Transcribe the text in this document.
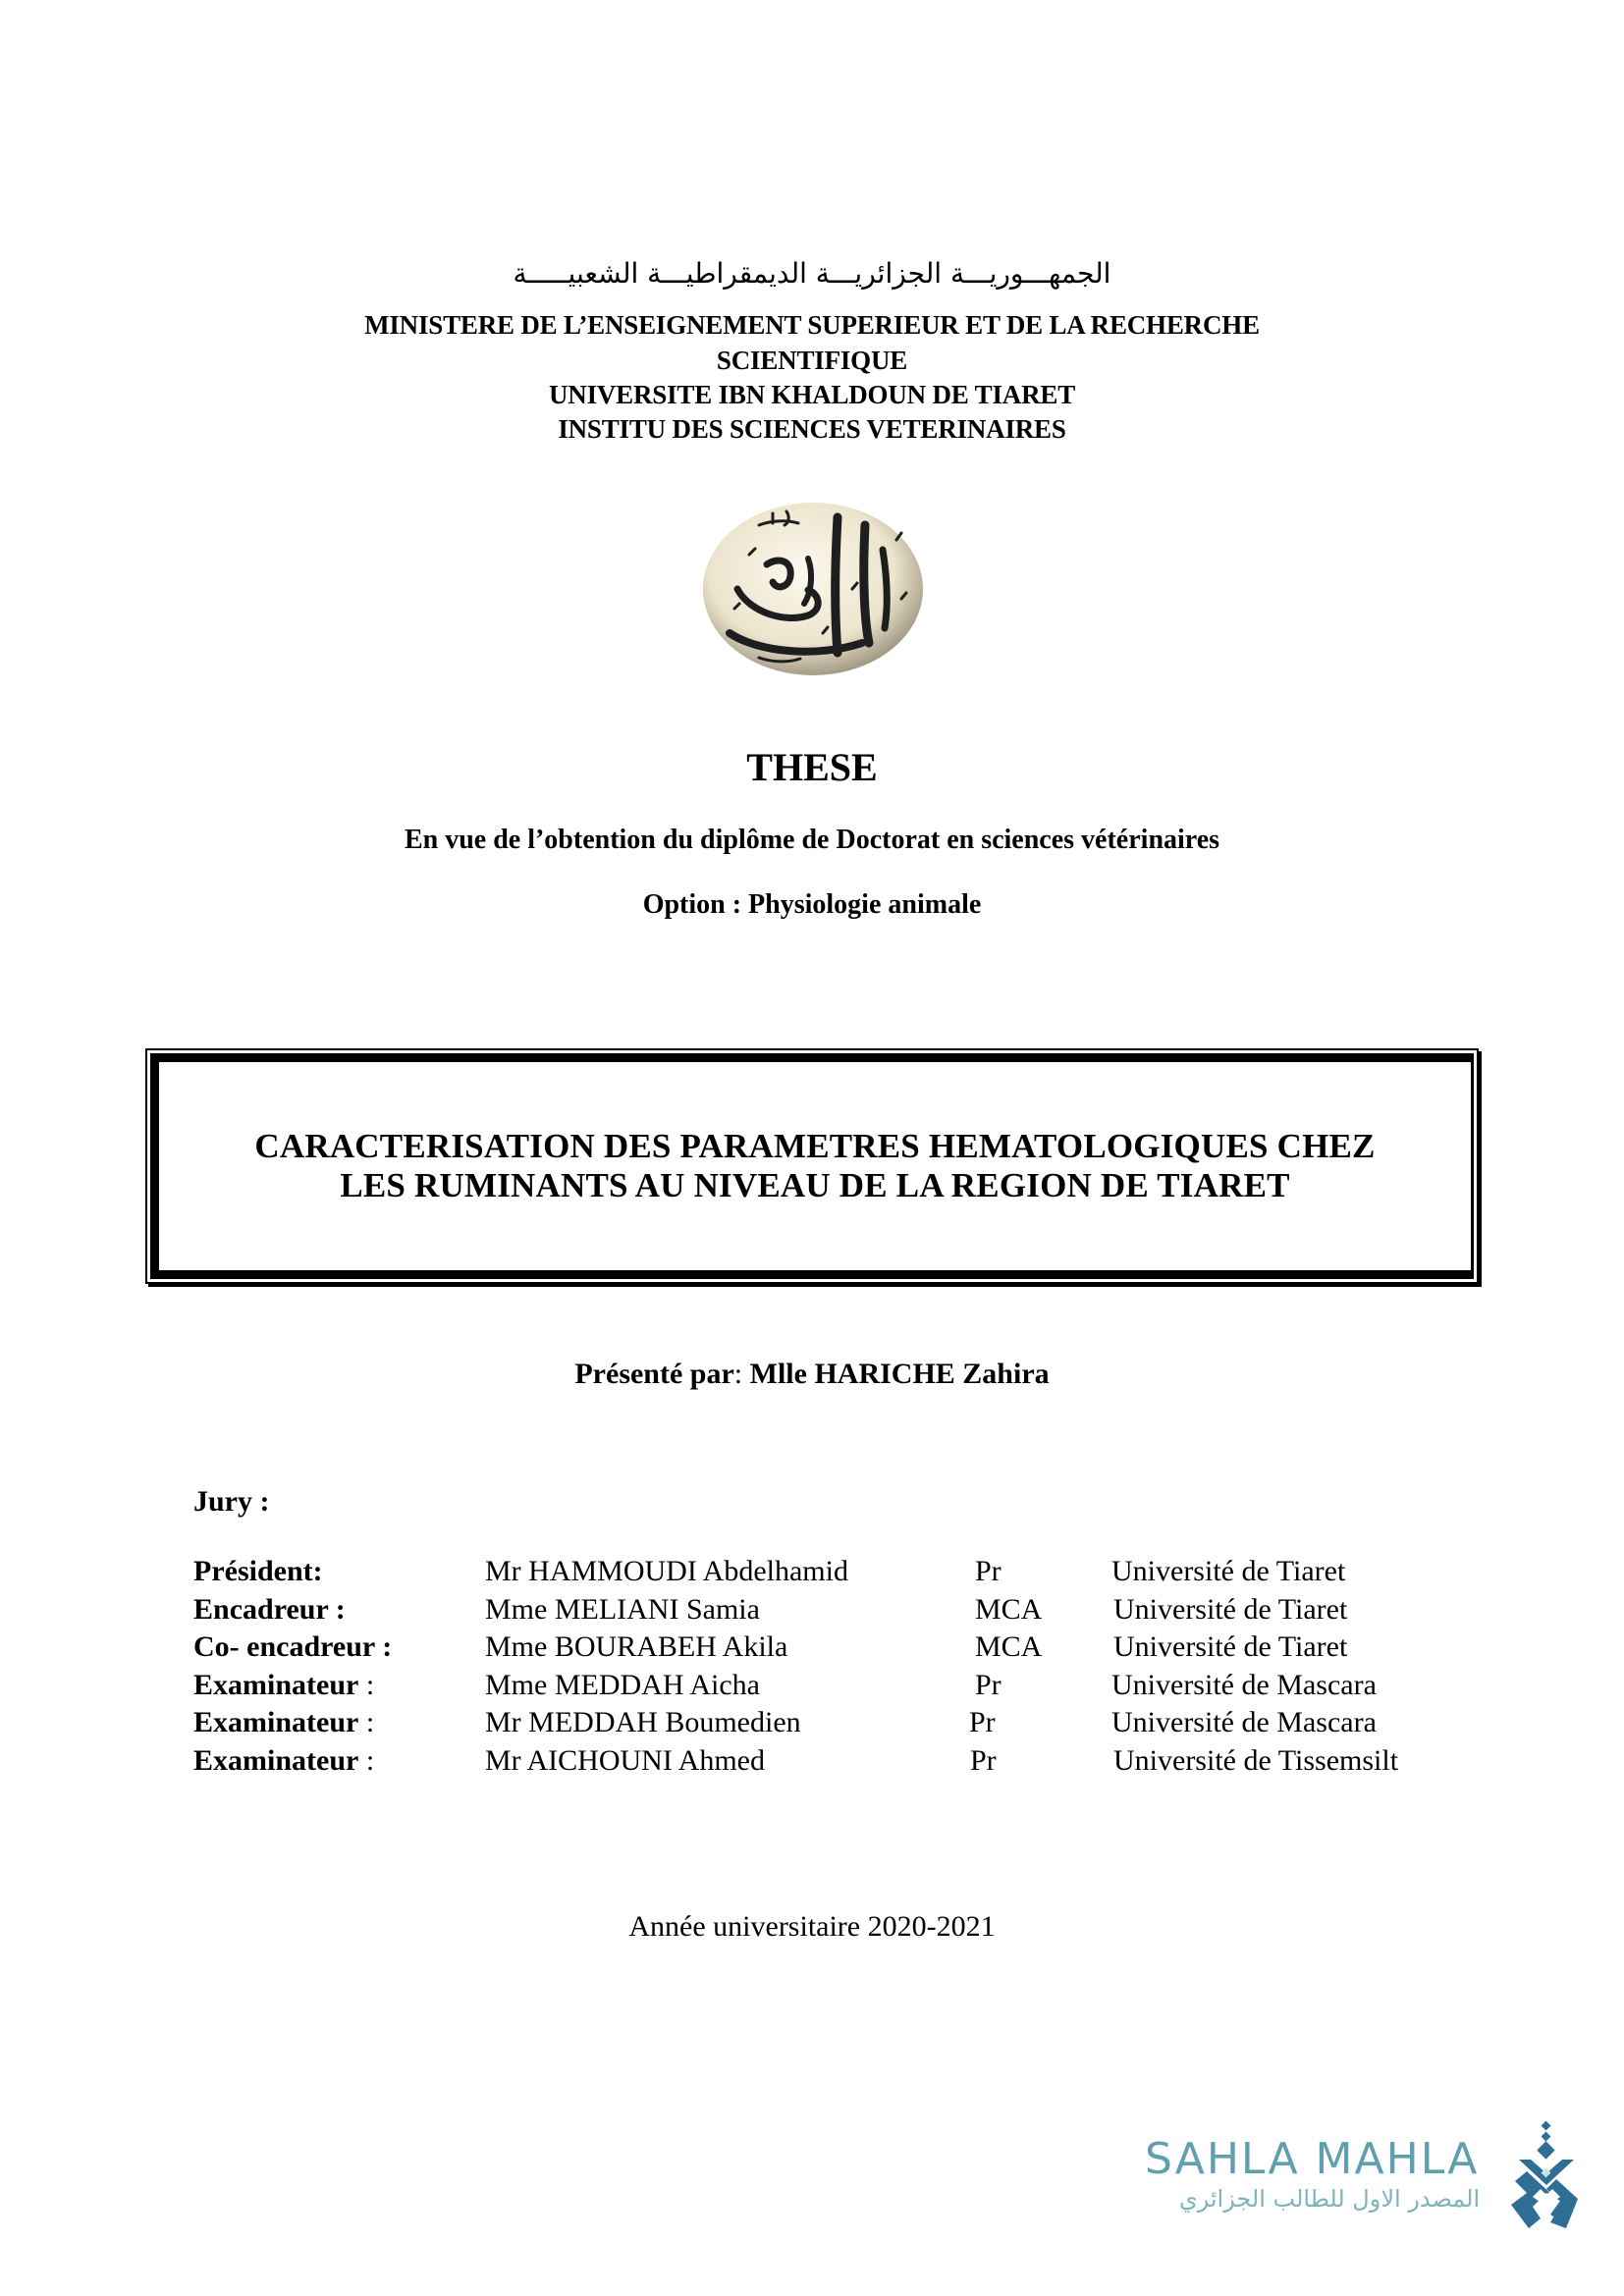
الجمهـــوريـــة الجزائريـــة الديمقراطيـــة الشعبيـــــة
MINISTERE DE L’ENSEIGNEMENT SUPERIEUR ET DE LA RECHERCHE
SCIENTIFIQUE
UNIVERSITE IBN KHALDOUN DE TIARET
INSTITU DES SCIENCES VETERINAIRES
THESE
En vue de l’obtention du diplôme de Doctorat en sciences vétérinaires
Option : Physiologie animale
CARACTERISATION DES PARAMETRES HEMATOLOGIQUES CHEZ
LES RUMINANTS AU NIVEAU DE LA REGION DE TIARET
Présenté par: Mlle HARICHE Zahira
Jury :
Président:	Mr HAMMOUDI Abdelhamid	Pr	Université de Tiaret
Encadreur :	Mme MELIANI Samia	MCA Université de Tiaret
Co- encadreur :	Mme BOURABEH Akila	MCA Université de Tiaret
Examinateur :	Mme MEDDAH Aicha	Pr	Université de Mascara
Examinateur :	Mr MEDDAH Boumedien	Pr	Université de Mascara
Examinateur :	Mr AICHOUNI Ahmed	Pr	Université de Tissemsilt
Année universitaire 2020-2021
SAHLA MAHLA
المصدر الاول للطالب الجزائري
